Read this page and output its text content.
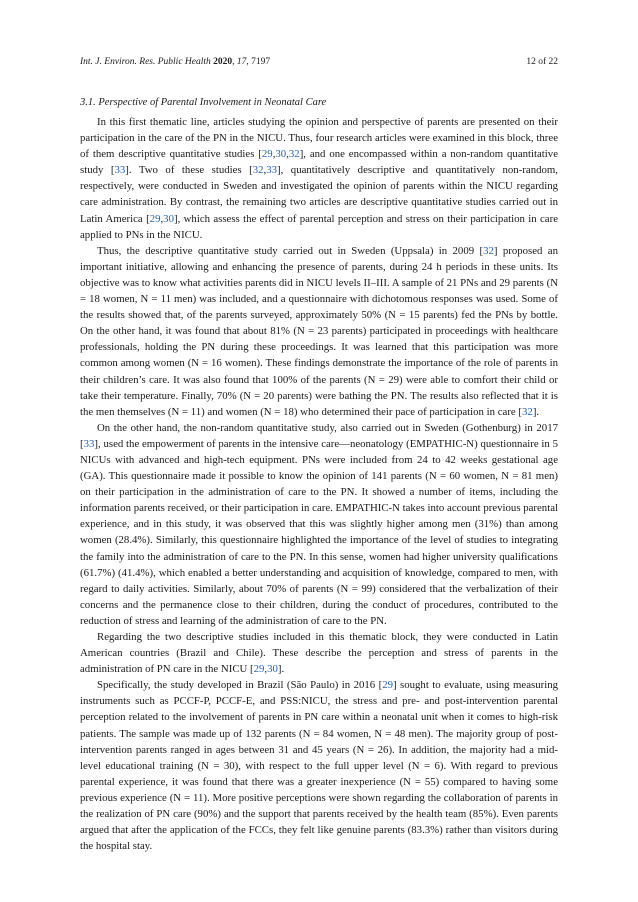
Int. J. Environ. Res. Public Health 2020, 17, 7197	12 of 22
3.1. Perspective of Parental Involvement in Neonatal Care

In this first thematic line, articles studying the opinion and perspective of parents are presented on their participation in the care of the PN in the NICU. Thus, four research articles were examined in this block, three of them descriptive quantitative studies [29,30,32], and one encompassed within a non-random quantitative study [33]. Two of these studies [32,33], quantitatively descriptive and quantitatively non-random, respectively, were conducted in Sweden and investigated the opinion of parents within the NICU regarding care administration. By contrast, the remaining two articles are descriptive quantitative studies carried out in Latin America [29,30], which assess the effect of parental perception and stress on their participation in care applied to PNs in the NICU.

Thus, the descriptive quantitative study carried out in Sweden (Uppsala) in 2009 [32] proposed an important initiative, allowing and enhancing the presence of parents, during 24 h periods in these units. Its objective was to know what activities parents did in NICU levels II–III. A sample of 21 PNs and 29 parents (N = 18 women, N = 11 men) was included, and a questionnaire with dichotomous responses was used. Some of the results showed that, of the parents surveyed, approximately 50% (N = 15 parents) fed the PNs by bottle. On the other hand, it was found that about 81% (N = 23 parents) participated in proceedings with healthcare professionals, holding the PN during these proceedings. It was learned that this participation was more common among women (N = 16 women). These findings demonstrate the importance of the role of parents in their children’s care. It was also found that 100% of the parents (N = 29) were able to comfort their child or take their temperature. Finally, 70% (N = 20 parents) were bathing the PN. The results also reflected that it is the men themselves (N = 11) and women (N = 18) who determined their pace of participation in care [32].

On the other hand, the non-random quantitative study, also carried out in Sweden (Gothenburg) in 2017 [33], used the empowerment of parents in the intensive care—neonatology (EMPATHIC-N) questionnaire in 5 NICUs with advanced and high-tech equipment. PNs were included from 24 to 42 weeks gestational age (GA). This questionnaire made it possible to know the opinion of 141 parents (N = 60 women, N = 81 men) on their participation in the administration of care to the PN. It showed a number of items, including the information parents received, or their participation in care. EMPATHIC-N takes into account previous parental experience, and in this study, it was observed that this was slightly higher among men (31%) than among women (28.4%). Similarly, this questionnaire highlighted the importance of the level of studies to integrating the family into the administration of care to the PN. In this sense, women had higher university qualifications (61.7%) (41.4%), which enabled a better understanding and acquisition of knowledge, compared to men, with regard to daily activities. Similarly, about 70% of parents (N = 99) considered that the verbalization of their concerns and the permanence close to their children, during the conduct of procedures, contributed to the reduction of stress and learning of the administration of care to the PN.

Regarding the two descriptive studies included in this thematic block, they were conducted in Latin American countries (Brazil and Chile). These describe the perception and stress of parents in the administration of PN care in the NICU [29,30].

Specifically, the study developed in Brazil (São Paulo) in 2016 [29] sought to evaluate, using measuring instruments such as PCCF-P, PCCF-E, and PSS:NICU, the stress and pre- and post-intervention parental perception related to the involvement of parents in PN care within a neonatal unit when it comes to high-risk patients. The sample was made up of 132 parents (N = 84 women, N = 48 men). The majority group of post-intervention parents ranged in ages between 31 and 45 years (N = 26). In addition, the majority had a mid-level educational training (N = 30), with respect to the full upper level (N = 6). With regard to previous parental experience, it was found that there was a greater inexperience (N = 55) compared to having some previous experience (N = 11). More positive perceptions were shown regarding the collaboration of parents in the realization of PN care (90%) and the support that parents received by the health team (85%). Even parents argued that after the application of the FCCs, they felt like genuine parents (83.3%) rather than visitors during the hospital stay.
